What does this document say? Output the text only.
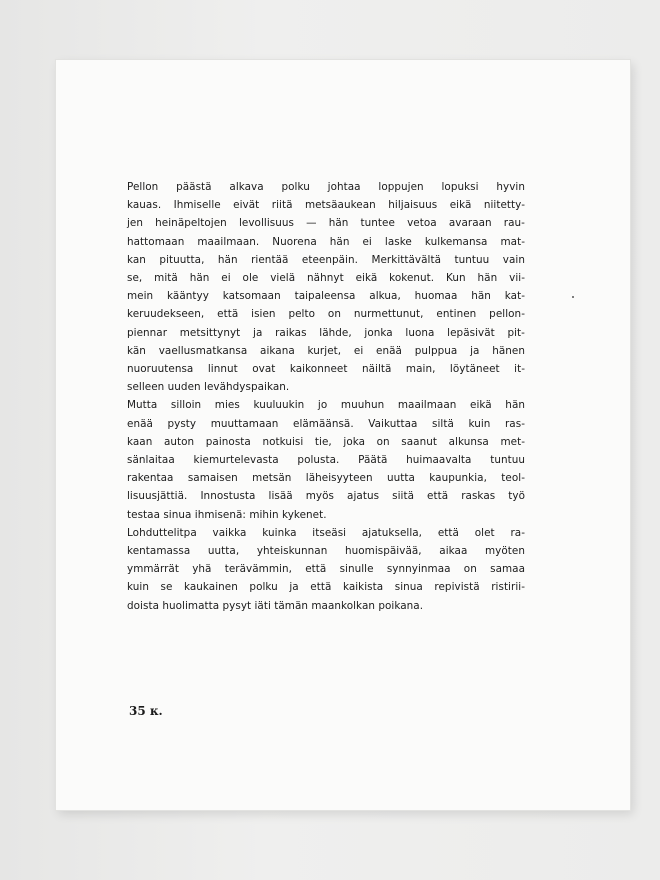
Pellon päästä alkava polku johtaa loppujen lopuksi hyvin

kauas. Ihmiselle eivät riitä metsäaukean hiljaisuus eikä niitetty-

jen heinäpeltojen levollisuus — hän tuntee vetoa avaraan rau-

hattomaan maailmaan. Nuorena hän ei laske kulkemansa mat-

kan pituutta, hän rientää eteenpäin. Merkittävältä tuntuu vain

se, mitä hän ei ole vielä nähnyt eikä kokenut. Kun hän vii-

mein kääntyy katsomaan taipaleensa alkua, huomaa hän kat-

keruudekseen, että isien pelto on nurmettunut, entinen pellon-

piennar metsittynyt ja raikas lähde, jonka luona lepäsivät pit-

kän vaellusmatkansa aikana kurjet, ei enää pulppua ja hänen

nuoruutensa linnut ovat kaikonneet näiltä main, löytäneet it-

selleen uuden levähdyspaikan.

Mutta silloin mies kuuluukin jo muuhun maailmaan eikä hän

enää pysty muuttamaan elämäänsä. Vaikuttaa siltä kuin ras-

kaan auton painosta notkuisi tie, joka on saanut alkunsa met-

sänlaitaa kiemurtelevasta polusta. Päätä huimaavalta tuntuu

rakentaa samaisen metsän läheisyyteen uutta kaupunkia, teol-

lisuusjättiä. Innostusta lisää myös ajatus siitä että raskas työ

testaa sinua ihmisenä: mihin kykenet.

Lohduttelitpa vaikka kuinka itseäsi ajatuksella, että olet ra-

kentamassa uutta, yhteiskunnan huomispäivää, aikaa myöten

ymmärrät yhä terävämmin, että sinulle synnyinmaa on samaa

kuin se kaukainen polku ja että kaikista sinua repivistä ristirii-

doista huolimatta pysyt iäti tämän maankolkan poikana.

35 к.
